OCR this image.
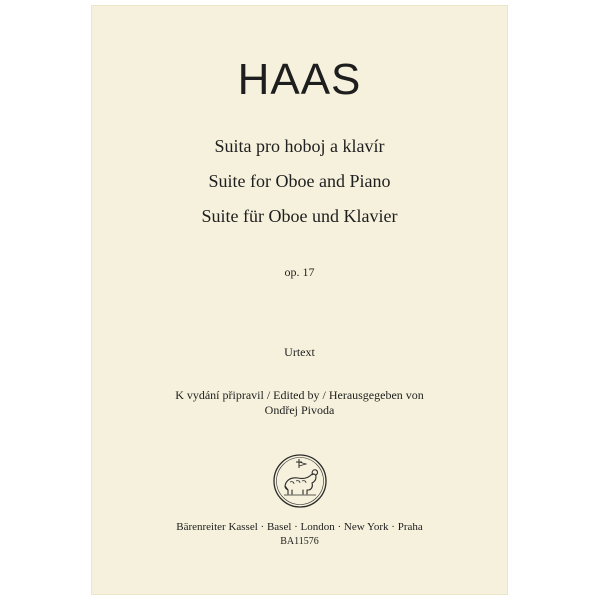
HAAS
Suita pro hoboj a klavír
Suite for Oboe and Piano
Suite für Oboe und Klavier
op. 17
Urtext
K vydání připravil / Edited by / Herausgegeben von
Ondřej Pivoda
Bärenreiter Kassel · Basel · London · New York · Praha
BA11576
